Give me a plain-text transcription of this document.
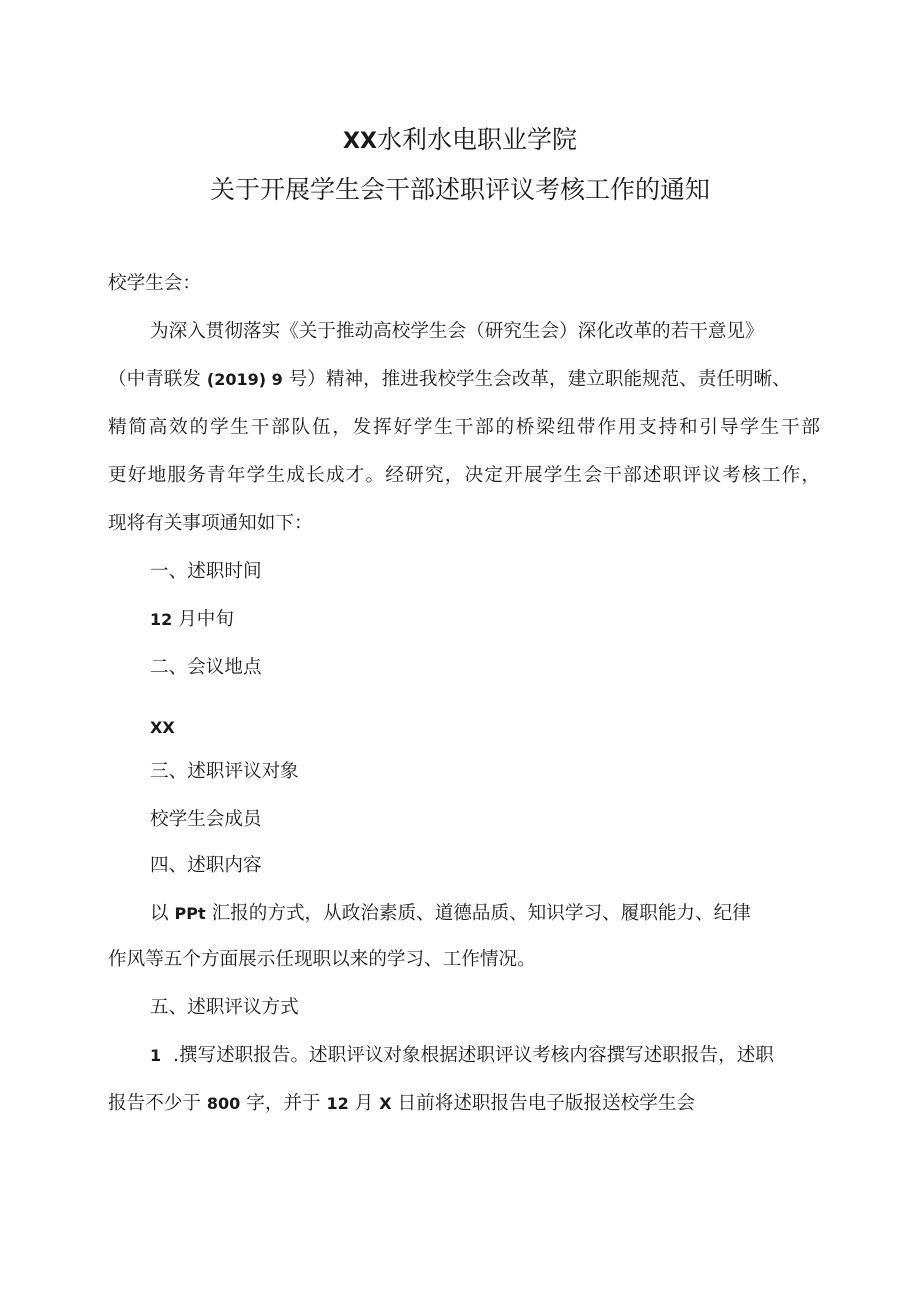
XX水利水电职业学院
关于开展学生会干部述职评议考核工作的通知
校学生会：
为深入贯彻落实《关于推动高校学生会（研究生会）深化改革的若干意见》
（中青联发 (2019) 9 号）精神，推进我校学生会改革，建立职能规范、责任明晰、
精简高效的学生干部队伍，发挥好学生干部的桥梁纽带作用支持和引导学生干部
更好地服务青年学生成长成才。经研究，决定开展学生会干部述职评议考核工作，
现将有关事项通知如下：
一、述职时间
12 月中旬
二、会议地点
XX
三、述职评议对象
校学生会成员
四、述职内容
以 PPt 汇报的方式，从政治素质、道德品质、知识学习、履职能力、纪律
作风等五个方面展示任现职以来的学习、工作情况。
五、述职评议方式
1 .撰写述职报告。述职评议对象根据述职评议考核内容撰写述职报告，述职
报告不少于 800 字，并于 12 月 X 日前将述职报告电子版报送校学生会
